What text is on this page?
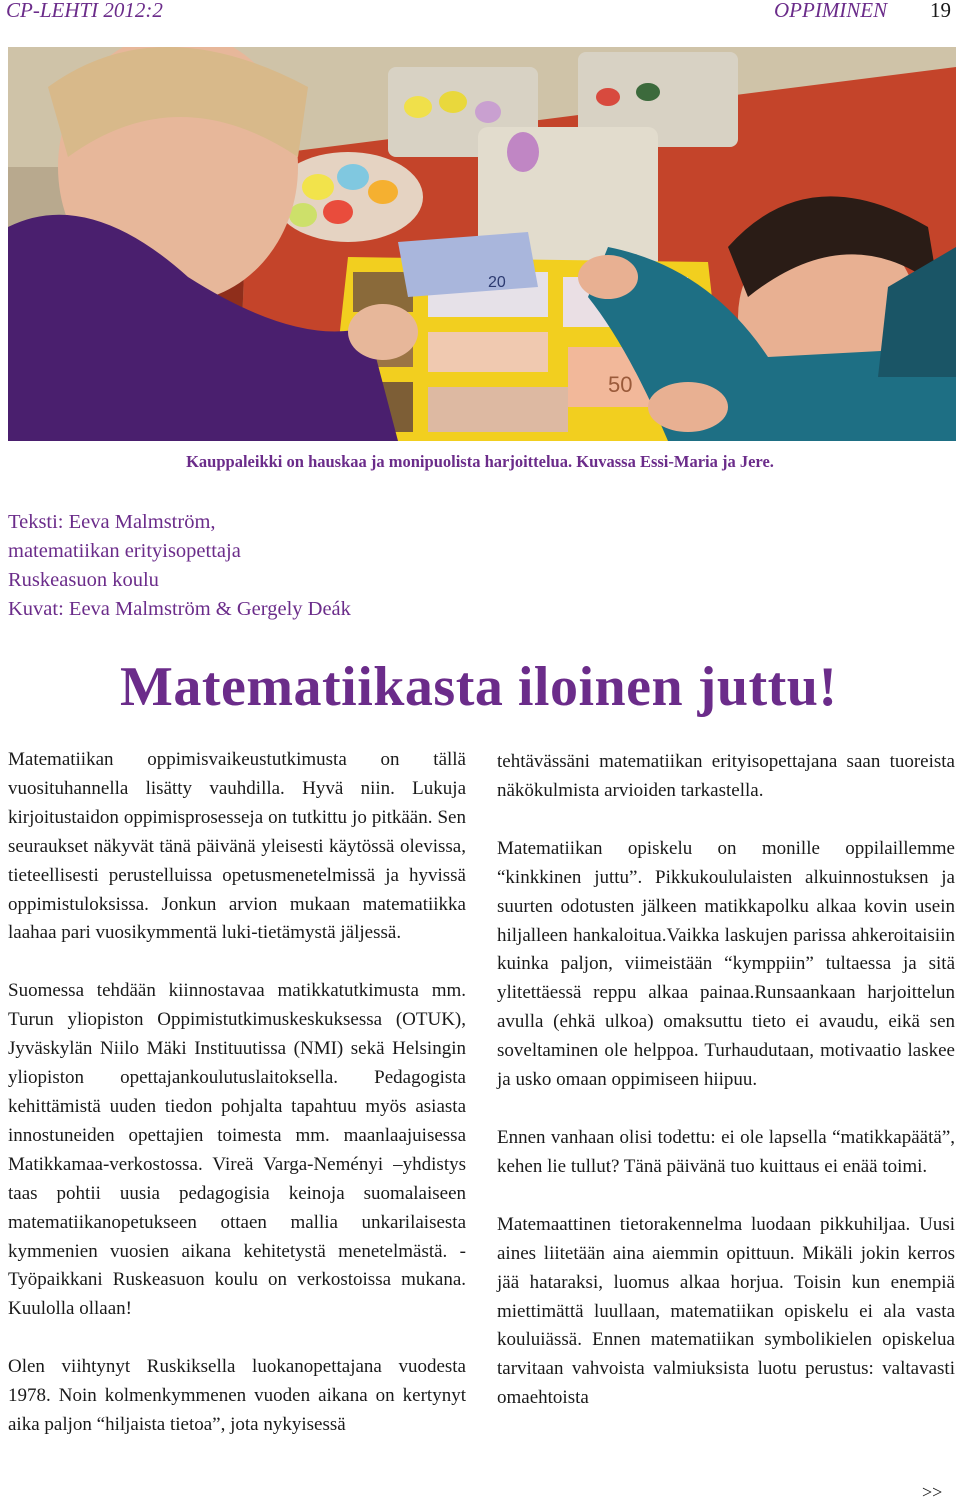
CP-LEHTI 2012:2	OPPIMINEN 19
50
20
Kauppaleikki on hauskaa ja monipuolista harjoittelua. Kuvassa Essi-Maria ja Jere.
Teksti: Eeva Malmström,
matematiikan erityisopettaja
Ruskeasuon koulu
Kuvat: Eeva Malmström & Gergely Deák
Matematiikasta iloinen juttu!

Matematiikan oppimisvaikeustutkimusta on tällä vuosituhannella lisätty vauhdilla. Hyvä niin. Lukuja kirjoitustaidon oppimisprosesseja on tutkittu jo pitkään. Sen seuraukset näkyvät tänä päivänä yleisesti käytössä olevissa, tieteellisesti perustelluissa opetusmenetelmissä ja hyvissä oppimistuloksissa. Jonkun arvion mukaan matematiikka laahaa pari vuosikymmentä luki-tietämystä jäljessä.

Suomessa tehdään kiinnostavaa matikkatutkimusta mm. Turun yliopiston Oppimistutkimuskeskuksessa (OTUK), Jyväskylän Niilo Mäki Instituutissa (NMI) sekä Helsingin yliopiston opettajankoulutuslaitoksella. Pedagogista kehittämistä uuden tiedon pohjalta tapahtuu myös asiasta innostuneiden opettajien toimesta mm. maanlaajuisessa Matikkamaa-verkostossa. Vireä Varga-Neményi –yhdistys taas pohtii uusia pedagogisia keinoja suomalaiseen matematiikanopetukseen ottaen mallia unkarilaisesta kymmenien vuosien aikana kehitetystä menetelmästä. - Työpaikkani Ruskeasuon koulu on verkostoissa mukana. Kuulolla ollaan!

Olen viihtynyt Ruskiksella luokanopettajana vuodesta 1978. Noin kolmenkymmenen vuoden aikana on kertynyt aika paljon “hiljaista tietoa”, jota nykyisessä

tehtävässäni matematiikan erityisopettajana saan tuoreista näkökulmista arvioiden tarkastella.

Matematiikan opiskelu on monille oppilaillemme “kinkkinen juttu”. Pikkukoululaisten alkuinnostuksen ja suurten odotusten jälkeen matikkapolku alkaa kovin usein hiljalleen hankaloitua.Vaikka laskujen parissa ahkeroitaisiin kuinka paljon, viimeistään “kymppiin” tultaessa ja sitä ylitettäessä reppu alkaa painaa.Runsaankaan harjoittelun avulla (ehkä ulkoa) omaksuttu tieto ei avaudu, eikä sen soveltaminen ole helppoa. Turhaudutaan, motivaatio laskee ja usko omaan oppimiseen hiipuu.

Ennen vanhaan olisi todettu: ei ole lapsella “matikkapäätä”, kehen lie tullut? Tänä päivänä tuo kuittaus ei enää toimi.

Matemaattinen tietorakennelma luodaan pikkuhiljaa. Uusi aines liitetään aina aiemmin opittuun. Mikäli jokin kerros jää hataraksi, luomus alkaa horjua. Toisin kun enempiä miettimättä luullaan, matematiikan opiskelu ei ala vasta kouluiässä. Ennen matematiikan symbolikielen opiskelua tarvitaan vahvoista valmiuksista luotu perustus: valtavasti omaehtoista

>>
